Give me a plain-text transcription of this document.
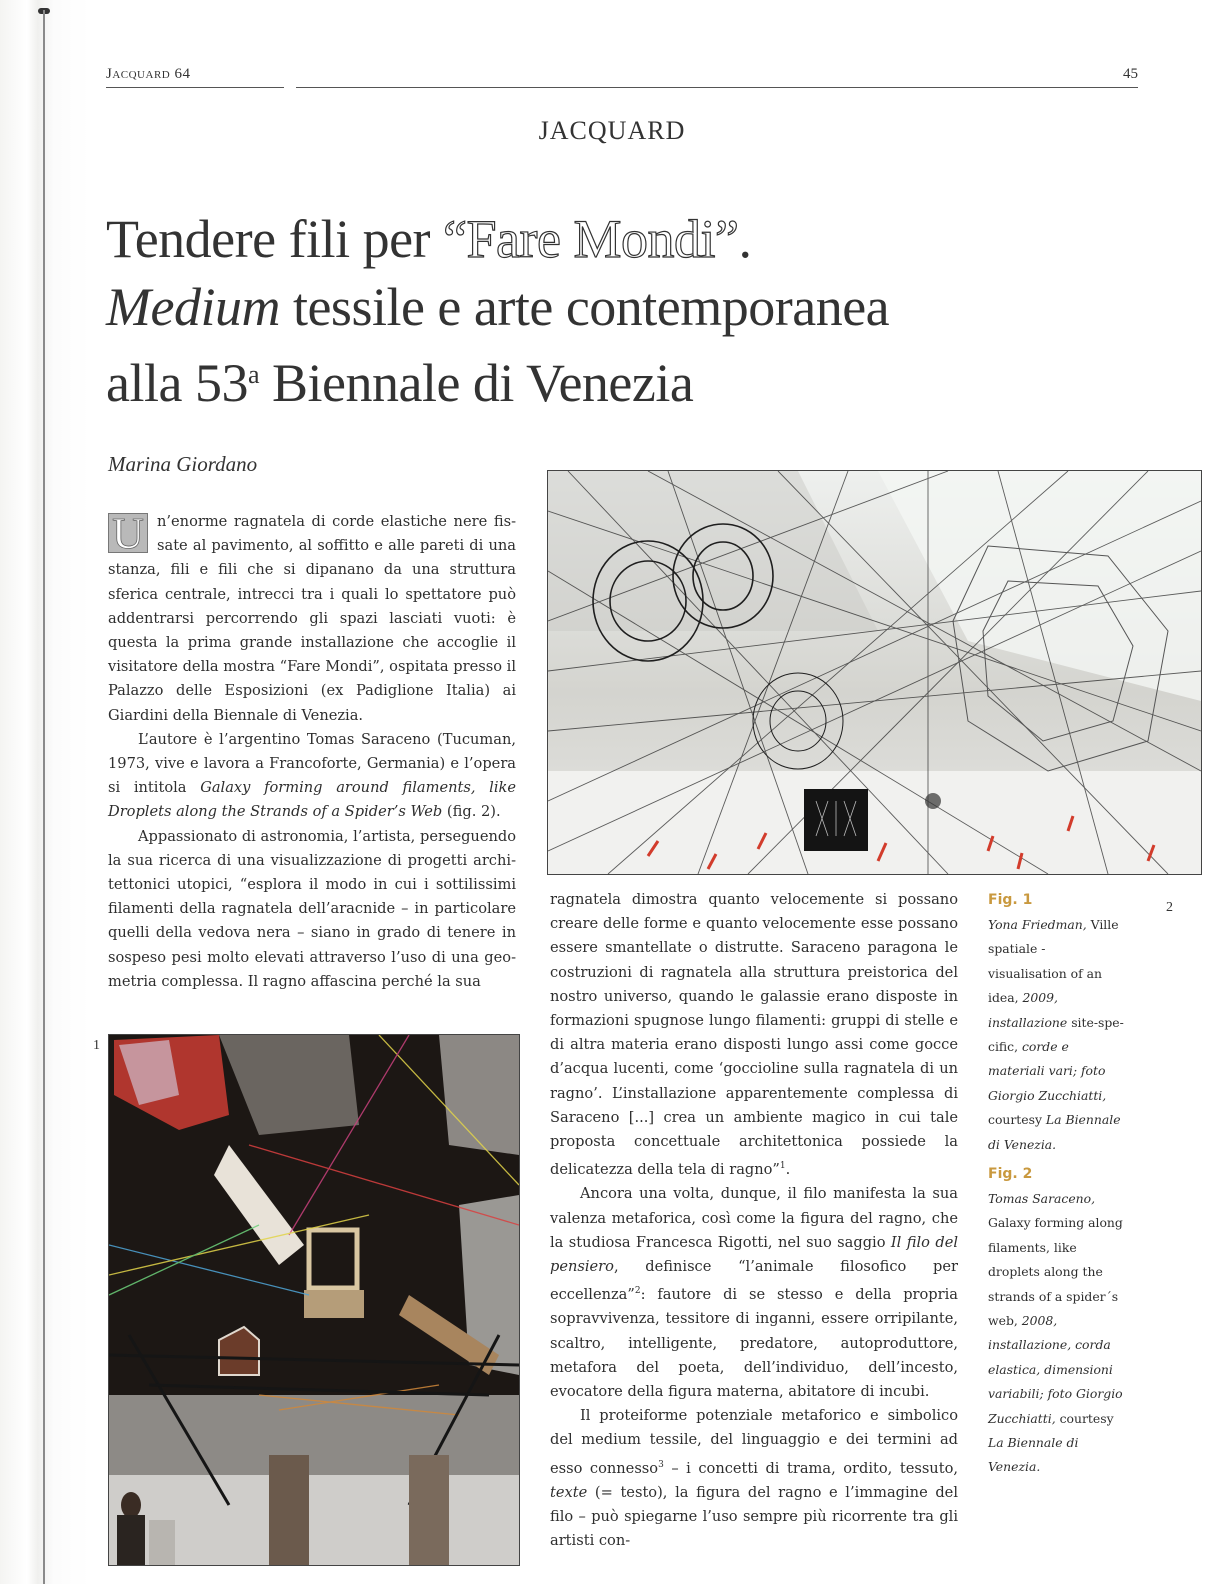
Jacquard 64	45
JACQUARD
Tendere fili per “Fare Mondi”.
Medium tessile e arte contemporanea
alla 53$^a$ Biennale di Venezia
Marina Giordano

U n’enorme ragnatela di corde elastiche nere fissate al pavimento, al soffitto e alle pareti di una stanza, fili e fili che si dipanano da una struttura sferica centrale, intrecci tra i quali lo spettatore può addentrarsi percorrendo gli spazi lasciati vuoti: è questa la prima grande installazione che accoglie il visitatore della mostra “Fare Mondi”, ospitata presso il Palazzo delle Esposizioni (ex Padiglione Italia) ai Giardini della Biennale di Venezia.

L’autore è l’argentino Tomas Saraceno (Tucuman, 1973, vive e lavora a Francoforte, Germania) e l’opera si intitola Galaxy forming around filaments, like Droplets along the Strands of a Spider’s Web (fig. 2).

Appassionato di astronomia, l’artista, perseguendo la sua ricerca di una visualizzazione di progetti architettonici utopici, “esplora il modo in cui i sottilissimi filamenti della ragnatela dell’aracnide – in particolare quelli della vedova nera – siano in grado di tenere in sospeso pesi molto elevati attraverso l’uso di una geometria complessa. Il ragno affascina perché la sua

1
2

ragnatela dimostra quanto velocemente si possano creare delle forme e quanto velocemente esse possano essere smantellate o distrutte. Saraceno paragona le costruzioni di ragnatela alla struttura preistorica del nostro universo, quando le galassie erano disposte in formazioni spugnose lungo filamenti: gruppi di stelle e di altra materia erano disposti lungo assi come gocce d’acqua lucenti, come ‘goccioline sulla ragnatela di un ragno’. L’installazione apparentemente complessa di Saraceno [...] crea un ambiente magico in cui tale proposta concettuale architettonica possiede la delicatezza della tela di ragno”$^1$.

Ancora una volta, dunque, il filo manifesta la sua valenza metaforica, così come la figura del ragno, che la studiosa Francesca Rigotti, nel suo saggio Il filo del pensiero, definisce “l’animale filosofico per eccellenza”$^2$: fautore di se stesso e della propria sopravvivenza, tessitore di inganni, essere orripilante, scaltro, intelligente, predatore, autoproduttore, metafora del poeta, dell’individuo, dell’incesto, evocatore della figura materna, abitatore di incubi.

Il proteiforme potenziale metaforico e simbolico del medium tessile, del linguaggio e dei termini ad esso connesso$^3$ – i concetti di trama, ordito, tessuto, texte (= testo), la figura del ragno e l’immagine del filo – può spiegarne l’uso sempre più ricorrente tra gli artisti con-

Fig. 1
Yona Friedman, Ville spatiale - visualisation of an idea, 2009, installazione site-specific, corde e materiali vari; foto Giorgio Zucchiatti, courtesy La Biennale di Venezia.
Fig. 2
Tomas Saraceno, Galaxy forming along filaments, like droplets along the strands of a spider´s web, 2008, installazione, corda elastica, dimensioni variabili; foto Giorgio Zucchiatti, courtesy La Biennale di Venezia.
